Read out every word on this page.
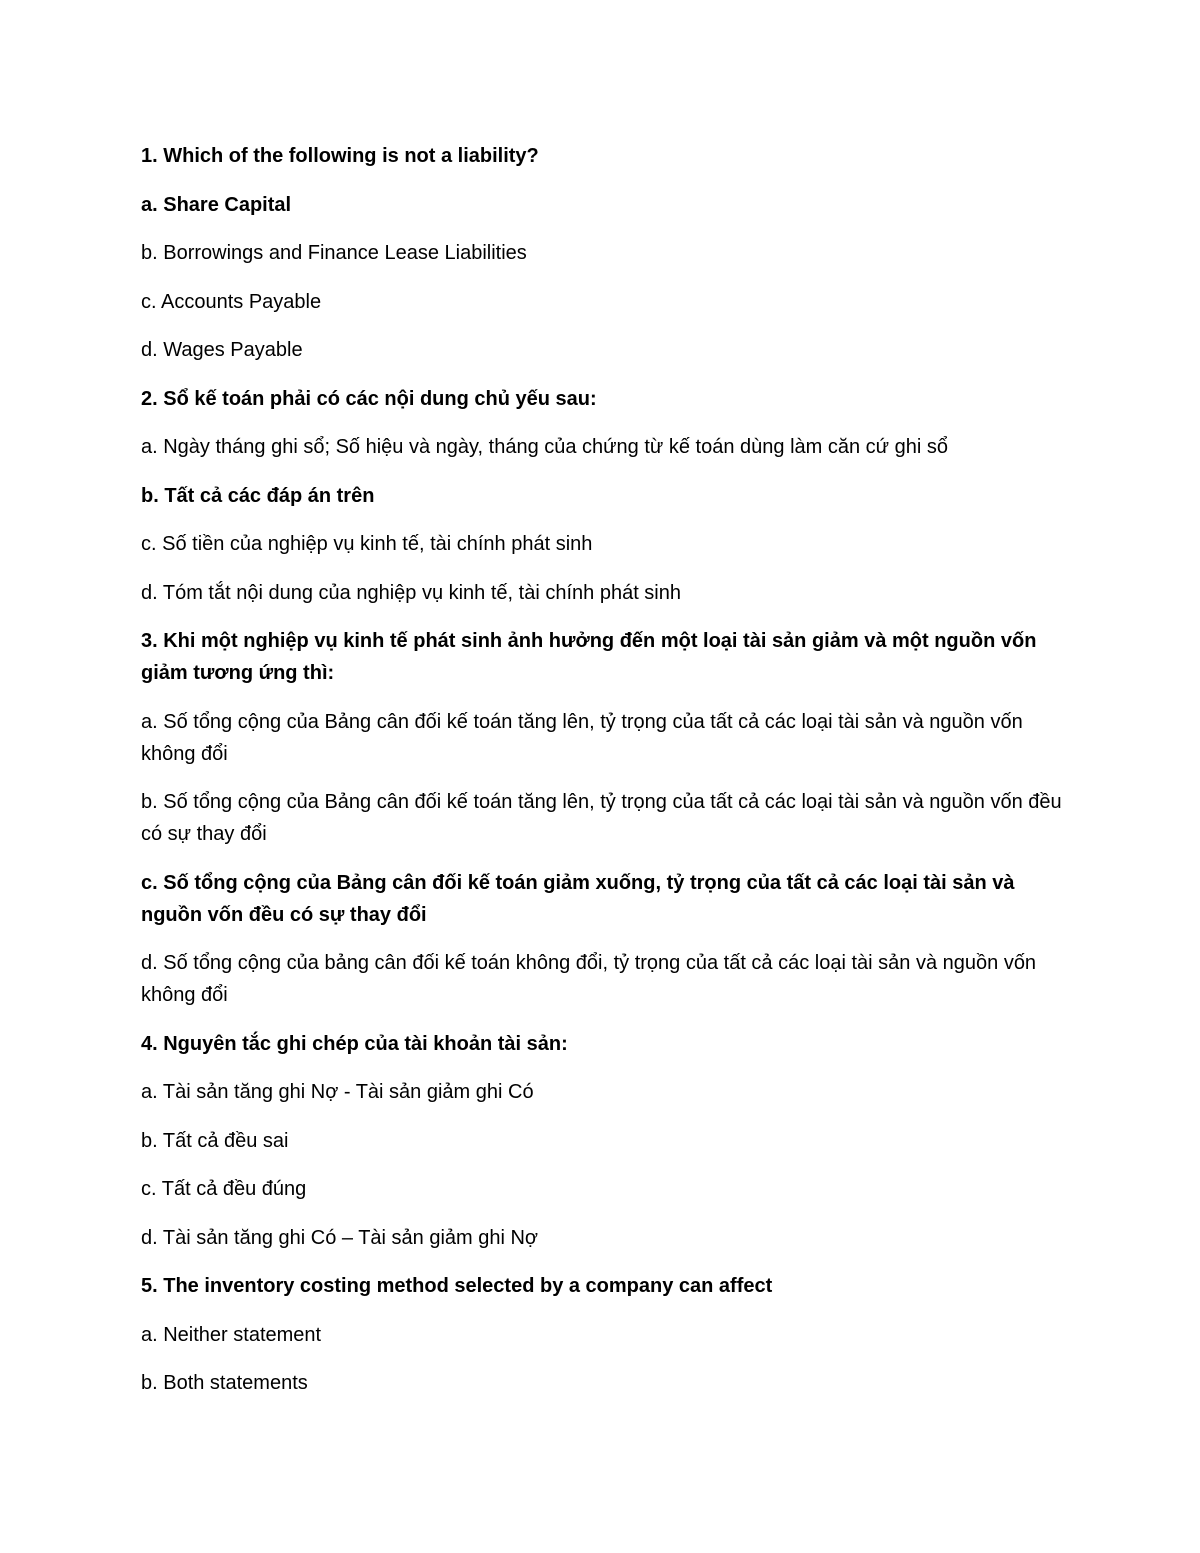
1. Which of the following is not a liability?

a. Share Capital

b. Borrowings and Finance Lease Liabilities

c. Accounts Payable

d. Wages Payable

2. Sổ kế toán phải có các nội dung chủ yếu sau:

a. Ngày tháng ghi sổ; Số hiệu và ngày, tháng của chứng từ kế toán dùng làm căn cứ ghi sổ

b. Tất cả các đáp án trên

c. Số tiền của nghiệp vụ kinh tế, tài chính phát sinh

d. Tóm tắt nội dung của nghiệp vụ kinh tế, tài chính phát sinh

3. Khi một nghiệp vụ kinh tế phát sinh ảnh hưởng đến một loại tài sản giảm và một nguồn vốn giảm tương ứng thì:

a. Số tổng cộng của Bảng cân đối kế toán tăng lên, tỷ trọng của tất cả các loại tài sản và nguồn vốn không đổi

b. Số tổng cộng của Bảng cân đối kế toán tăng lên, tỷ trọng của tất cả các loại tài sản và nguồn vốn đều có sự thay đổi

c. Số tổng cộng của Bảng cân đối kế toán giảm xuống, tỷ trọng của tất cả các loại tài sản và nguồn vốn đều có sự thay đổi

d. Số tổng cộng của bảng cân đối kế toán không đổi, tỷ trọng của tất cả các loại tài sản và nguồn vốn không đổi

4. Nguyên tắc ghi chép của tài khoản tài sản:

a. Tài sản tăng ghi Nợ - Tài sản giảm ghi Có

b. Tất cả đều sai

c. Tất cả đều đúng

d. Tài sản tăng ghi Có – Tài sản giảm ghi Nợ

5. The inventory costing method selected by a company can affect

a. Neither statement

b. Both statements
